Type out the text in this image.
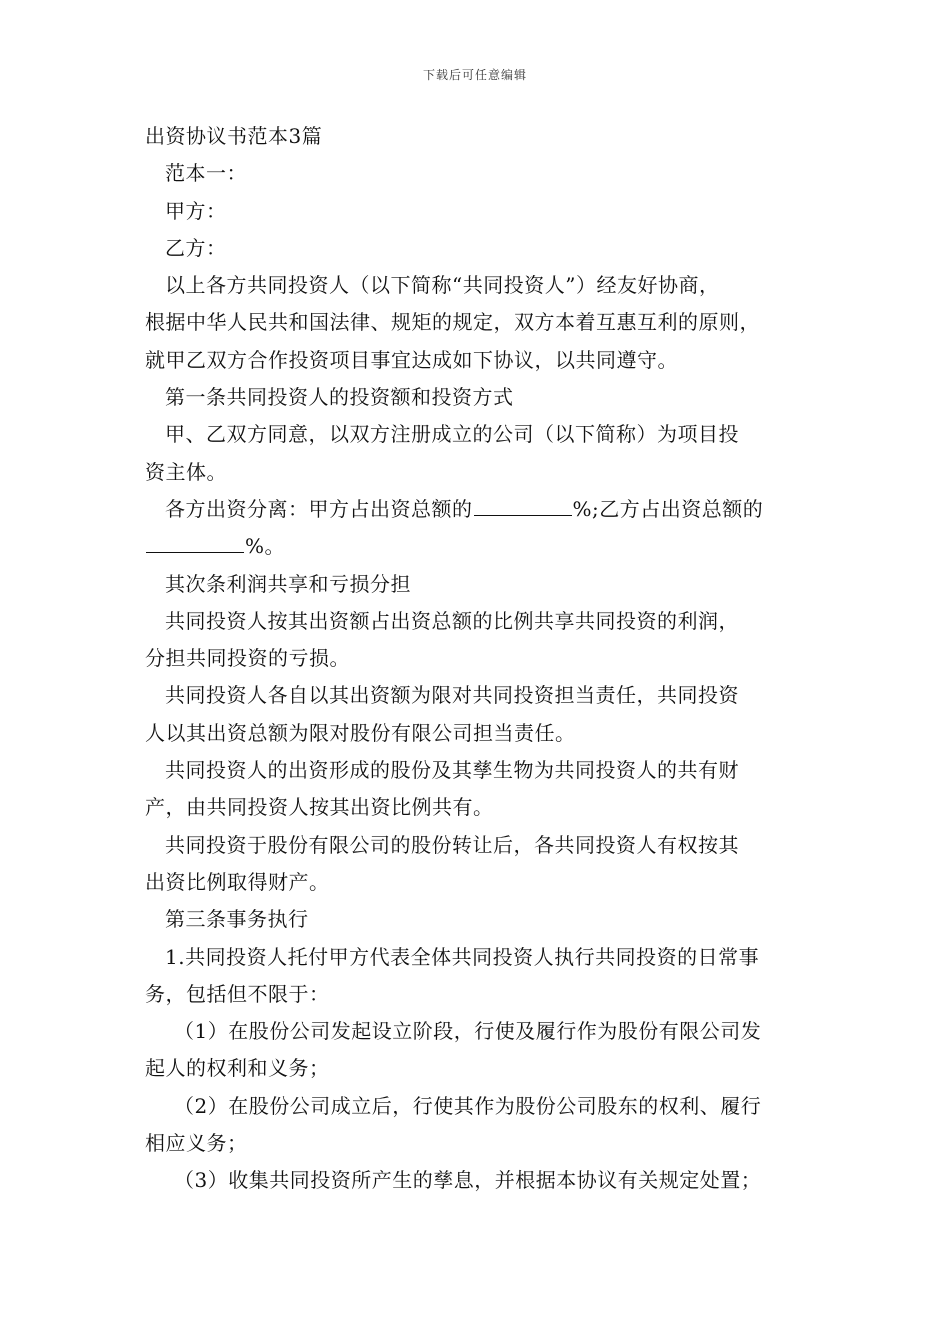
下载后可任意编辑
出资协议书范本3篇
范本一：
甲方：
乙方：
以上各方共同投资人（以下简称“共同投资人”）经友好协商，
根据中华人民共和国法律、规矩的规定，双方本着互惠互利的原则，
就甲乙双方合作投资项目事宜达成如下协议，以共同遵守。
第一条共同投资人的投资额和投资方式
甲、乙双方同意，以双方注册成立的公司（以下简称）为项目投
资主体。
各方出资分离：甲方占出资总额的	%;乙方占出资总额的
%。
其次条利润共享和亏损分担
共同投资人按其出资额占出资总额的比例共享共同投资的利润，
分担共同投资的亏损。
共同投资人各自以其出资额为限对共同投资担当责任，共同投资
人以其出资总额为限对股份有限公司担当责任。
共同投资人的出资形成的股份及其孳生物为共同投资人的共有财
产，由共同投资人按其出资比例共有。
共同投资于股份有限公司的股份转让后，各共同投资人有权按其
出资比例取得财产。
第三条事务执行
1.共同投资人托付甲方代表全体共同投资人执行共同投资的日常事
务，包括但不限于：
（1）在股份公司发起设立阶段，行使及履行作为股份有限公司发
起人的权利和义务；
（2）在股份公司成立后，行使其作为股份公司股东的权利、履行
相应义务；
（3）收集共同投资所产生的孳息，并根据本协议有关规定处置；
